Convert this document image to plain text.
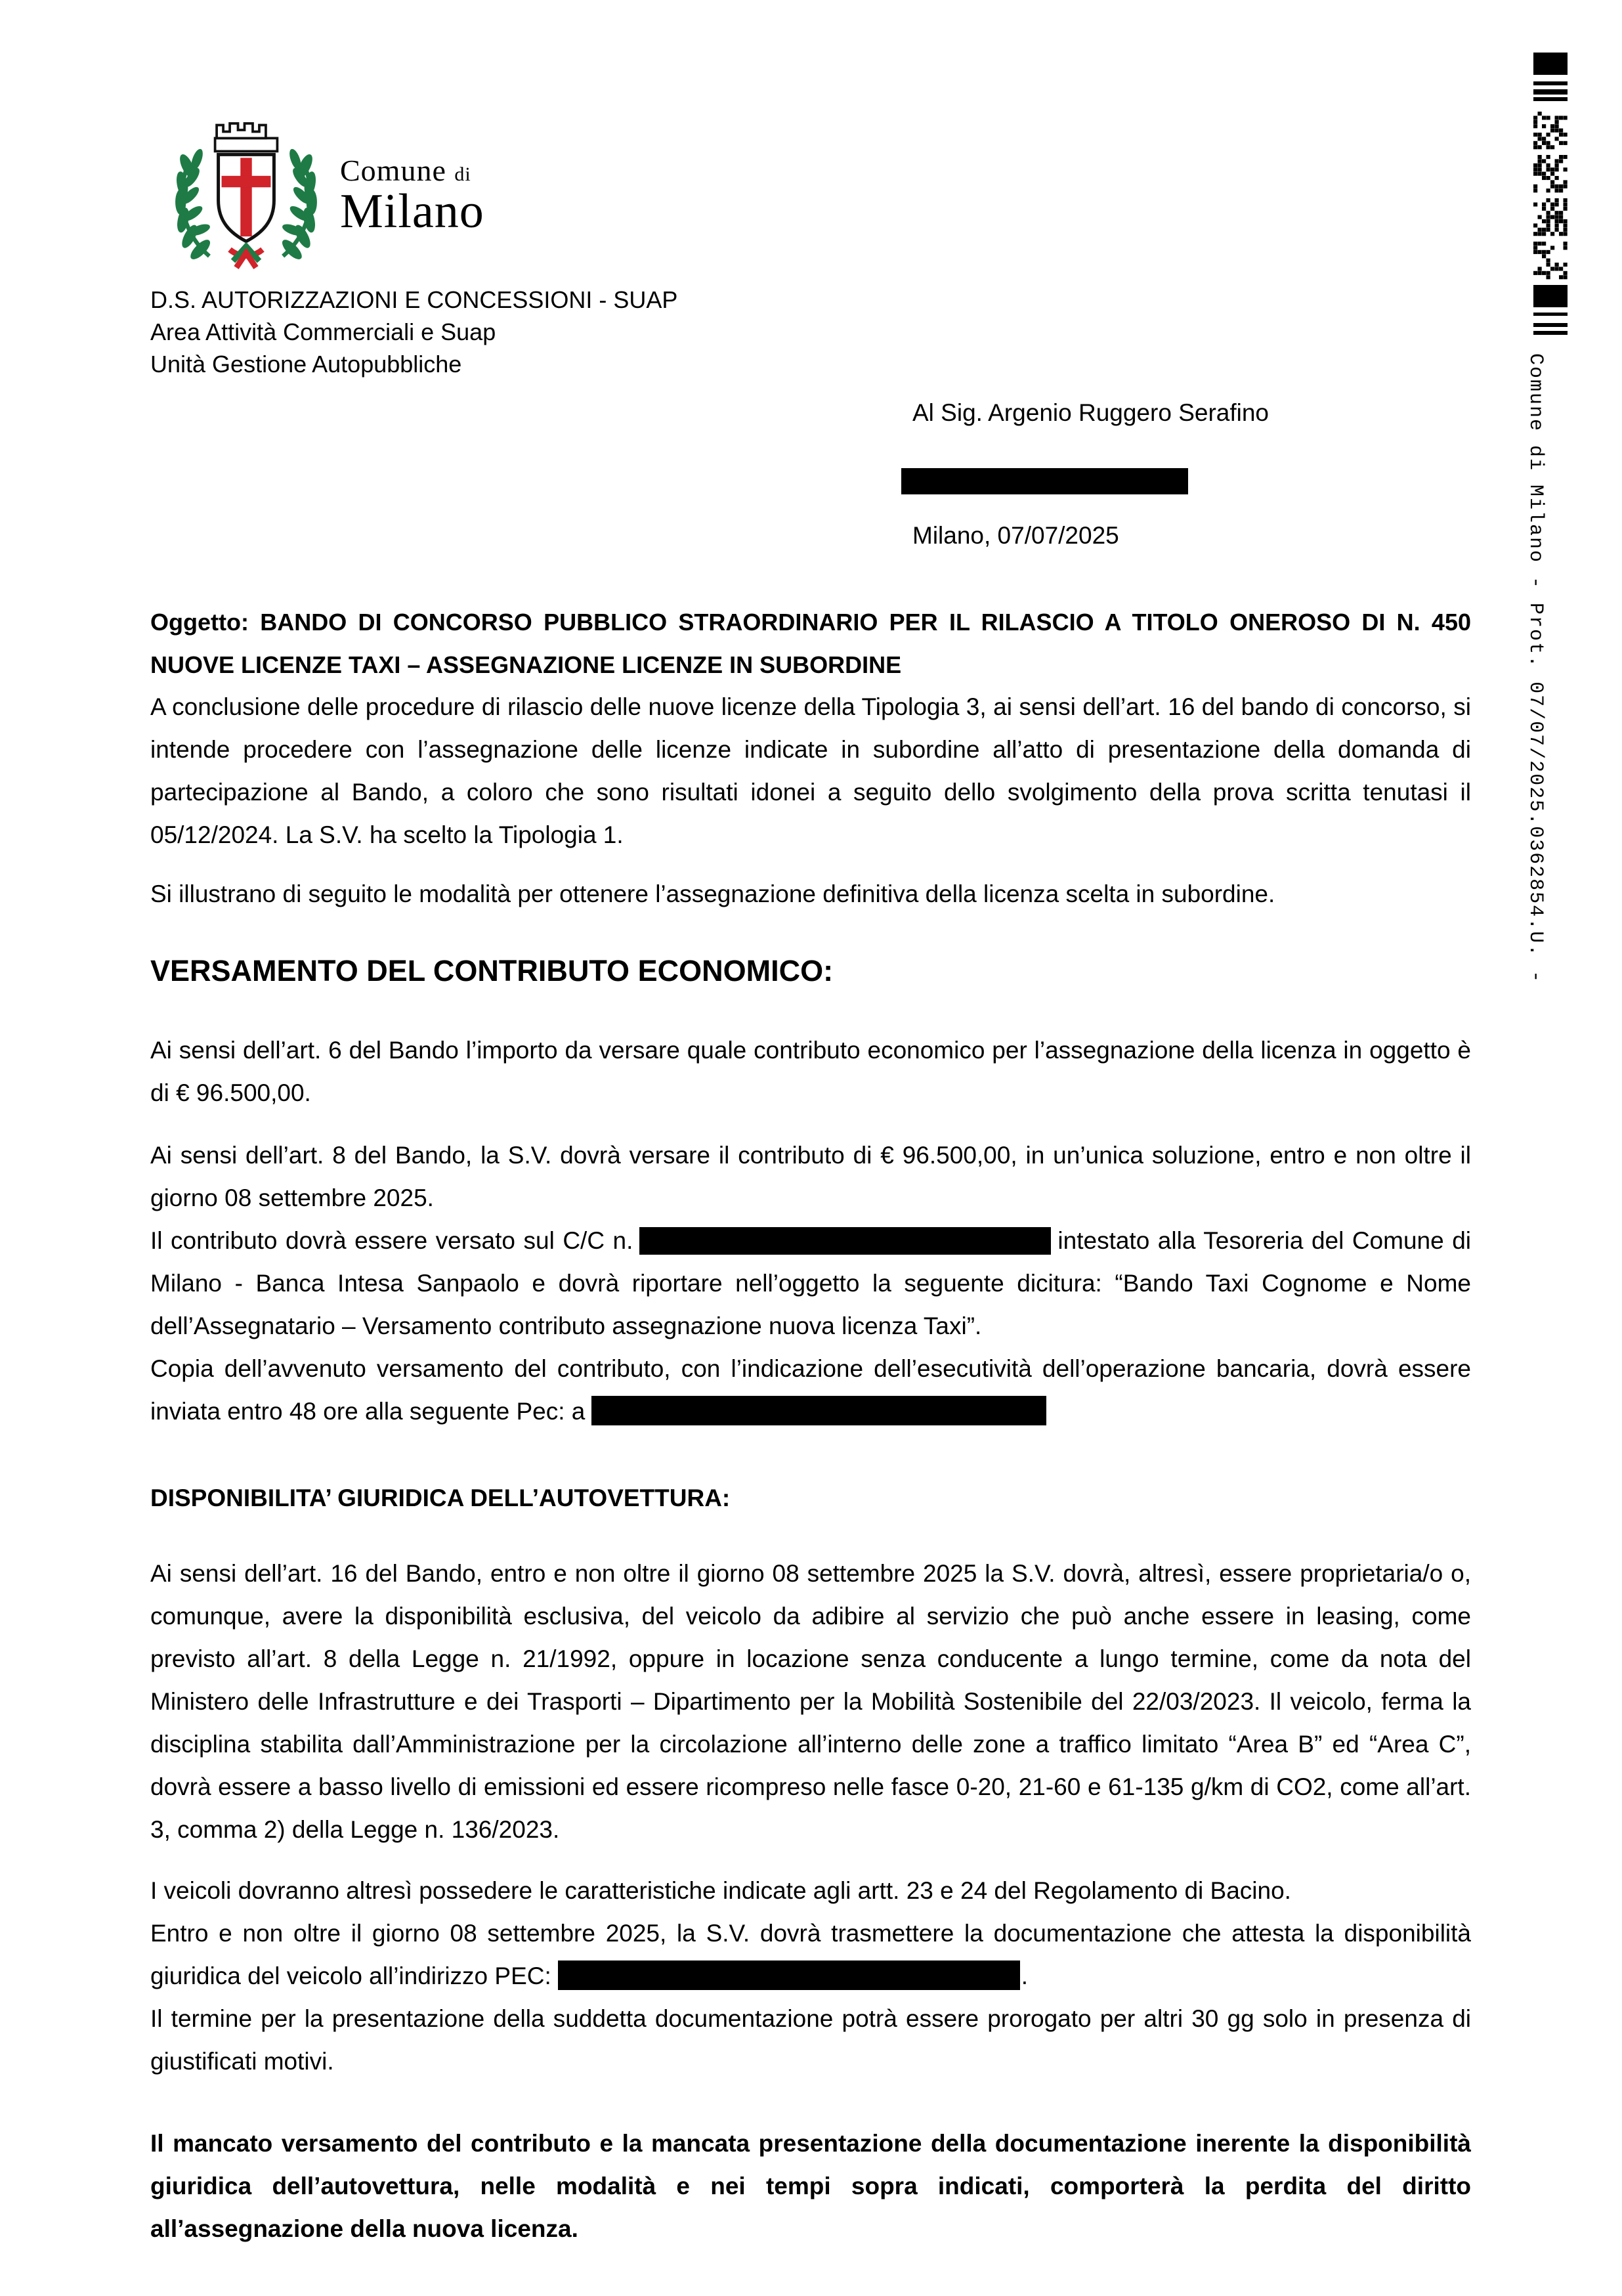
Comune di
Milano
D.S. AUTORIZZAZIONI E CONCESSIONI - SUAP
Area Attività Commerciali e Suap
Unità Gestione Autopubbliche
Al Sig. Argenio Ruggero Serafino
Milano, 07/07/2025
Oggetto: BANDO DI CONCORSO PUBBLICO STRAORDINARIO PER IL RILASCIO A TITOLO ONEROSO DI N. 450 NUOVE LICENZE TAXI – ASSEGNAZIONE LICENZE IN SUBORDINE

A conclusione delle procedure di rilascio delle nuove licenze della Tipologia 3, ai sensi dell’art. 16 del bando di concorso, si intende procedere con l’assegnazione delle licenze indicate in subordine all’atto di presentazione della domanda di partecipazione al Bando, a coloro che sono risultati idonei a seguito dello svolgimento della prova scritta tenutasi il 05/12/2024. La S.V. ha scelto la Tipologia 1.

Si illustrano di seguito le modalità per ottenere l’assegnazione definitiva della licenza scelta in subordine.

VERSAMENTO DEL CONTRIBUTO ECONOMICO:

Ai sensi dell’art. 6 del Bando l’importo da versare quale contributo economico per l’assegnazione della licenza in oggetto è di € 96.500,00.

Ai sensi dell’art. 8 del Bando, la S.V. dovrà versare il contributo di € 96.500,00, in un’unica soluzione, entro e non oltre il giorno 08 settembre 2025.

Il contributo dovrà essere versato sul C/C n.	intestato alla Tesoreria del Comune di Milano - Banca Intesa Sanpaolo e dovrà riportare nell’oggetto la seguente dicitura: “Bando Taxi Cognome e Nome dell’Assegnatario – Versamento contributo assegnazione nuova licenza Taxi”.

Copia dell’avvenuto versamento del contributo, con l’indicazione dell’esecutività dell’operazione bancaria, dovrà essere inviata entro 48 ore alla seguente Pec: a

DISPONIBILITA’ GIURIDICA DELL’AUTOVETTURA:

Ai sensi dell’art. 16 del Bando, entro e non oltre il giorno 08 settembre 2025 la S.V. dovrà, altresì, essere proprietaria/o o, comunque, avere la disponibilità esclusiva, del veicolo da adibire al servizio che può anche essere in leasing, come previsto all’art. 8 della Legge n. 21/1992, oppure in locazione senza conducente a lungo termine, come da nota del Ministero delle Infrastrutture e dei Trasporti – Dipartimento per la Mobilità Sostenibile del 22/03/2023. Il veicolo, ferma la disciplina stabilita dall’Amministrazione per la circolazione all’interno delle zone a traffico limitato “Area B” ed “Area C”, dovrà essere a basso livello di emissioni ed essere ricompreso nelle fasce 0-20, 21-60 e 61-135 g/km di CO2, come all’art. 3, comma 2) della Legge n. 136/2023.

I veicoli dovranno altresì possedere le caratteristiche indicate agli artt. 23 e 24 del Regolamento di Bacino.

Entro e non oltre il giorno 08 settembre 2025, la S.V. dovrà trasmettere la documentazione che attesta la disponibilità giuridica del veicolo all’indirizzo PEC:	.

Il termine per la presentazione della suddetta documentazione potrà essere prorogato per altri 30 gg solo in presenza di giustificati motivi.

Il mancato versamento del contributo e la mancata presentazione della documentazione inerente la disponibilità giuridica dell’autovettura, nelle modalità e nei tempi sopra indicati, comporterà la perdita del diritto all’assegnazione della nuova licenza.

Comune di Milano - Prot. 07/07/2025.0362854.U. -
